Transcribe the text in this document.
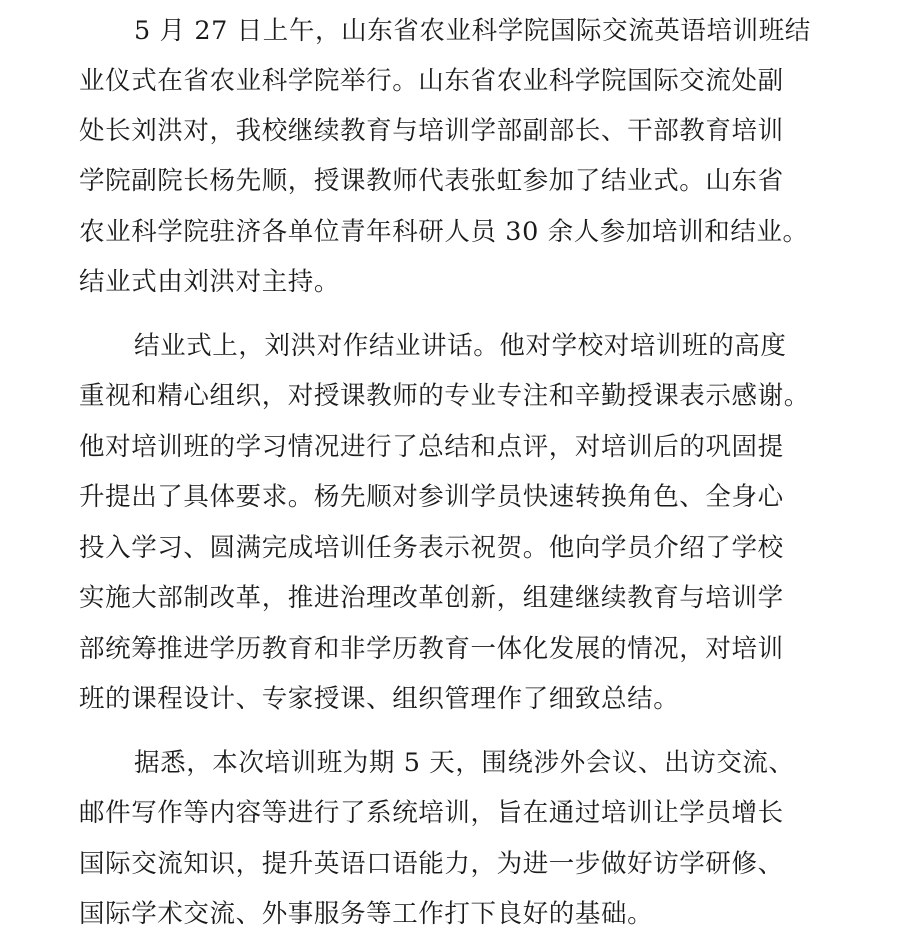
5 月 27 日上午，山东省农业科学院国际交流英语培训班结
业仪式在省农业科学院举行。山东省农业科学院国际交流处副
处长刘洪对，我校继续教育与培训学部副部长、干部教育培训
学院副院长杨先顺，授课教师代表张虹参加了结业式。山东省
农业科学院驻济各单位青年科研人员 30 余人参加培训和结业。
结业式由刘洪对主持。
结业式上，刘洪对作结业讲话。他对学校对培训班的高度
重视和精心组织，对授课教师的专业专注和辛勤授课表示感谢。
他对培训班的学习情况进行了总结和点评，对培训后的巩固提
升提出了具体要求。杨先顺对参训学员快速转换角色、全身心
投入学习、圆满完成培训任务表示祝贺。他向学员介绍了学校
实施大部制改革，推进治理改革创新，组建继续教育与培训学
部统筹推进学历教育和非学历教育一体化发展的情况，对培训
班的课程设计、专家授课、组织管理作了细致总结。
据悉，本次培训班为期 5 天，围绕涉外会议、出访交流、
邮件写作等内容等进行了系统培训，旨在通过培训让学员增长
国际交流知识，提升英语口语能力，为进一步做好访学研修、
国际学术交流、外事服务等工作打下良好的基础。
